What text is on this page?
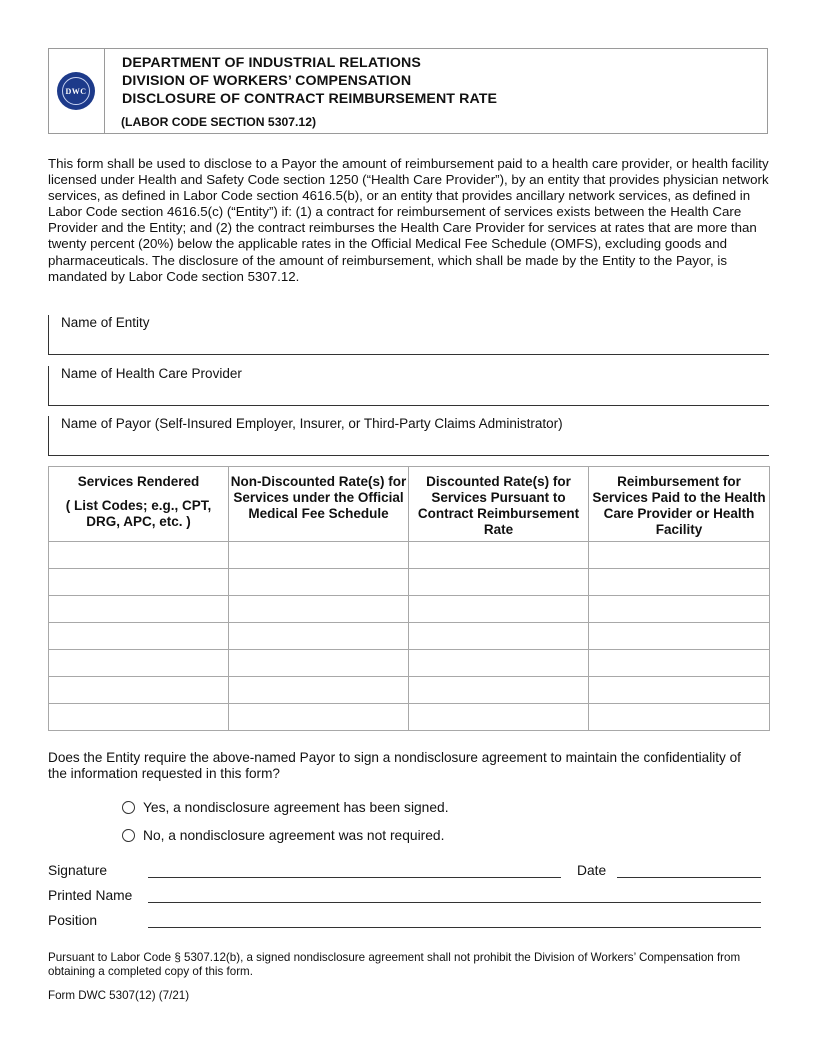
DWC
DEPARTMENT OF INDUSTRIAL RELATIONS
DIVISION OF WORKERS’ COMPENSATION
DISCLOSURE OF CONTRACT REIMBURSEMENT RATE
(LABOR CODE SECTION 5307.12)

This form shall be used to disclose to a Payor the amount of reimbursement paid to a health care provider, or health facility licensed under Health and Safety Code section 1250 (“Health Care Provider”), by an entity that provides physician network services, as defined in Labor Code section 4616.5(b), or an entity that provides ancillary network services, as defined in Labor Code section 4616.5(c) (“Entity”) if: (1) a contract for reimbursement of services exists between the Health Care Provider and the Entity; and (2) the contract reimburses the Health Care Provider for services at rates that are more than twenty percent (20%) below the applicable rates in the Official Medical Fee Schedule (OMFS), excluding goods and pharmaceuticals. The disclosure of the amount of reimbursement, which shall be made by the Entity to the Payor, is mandated by Labor Code section 5307.12.

Name of Entity
Name of Health Care Provider
Name of Payor (Self-Insured Employer, Insurer, or Third-Party Claims Administrator)
Services Rendered
( List Codes; e.g., CPT, DRG, APC, etc. )	Non-Discounted Rate(s) for Services under the Official Medical Fee Schedule	Discounted Rate(s) for Services Pursuant to Contract Reimbursement Rate	Reimbursement for Services Paid to the Health Care Provider or Health Facility

Does the Entity require the above-named Payor to sign a nondisclosure agreement to maintain the confidentiality of the information requested in this form?

Yes, a nondisclosure agreement has been signed.
No, a nondisclosure agreement was not required.
Signature	Date
Printed Name
Position

Pursuant to Labor Code § 5307.12(b), a signed nondisclosure agreement shall not prohibit the Division of Workers’ Compensation from obtaining a completed copy of this form.

Form DWC 5307(12) (7/21)
